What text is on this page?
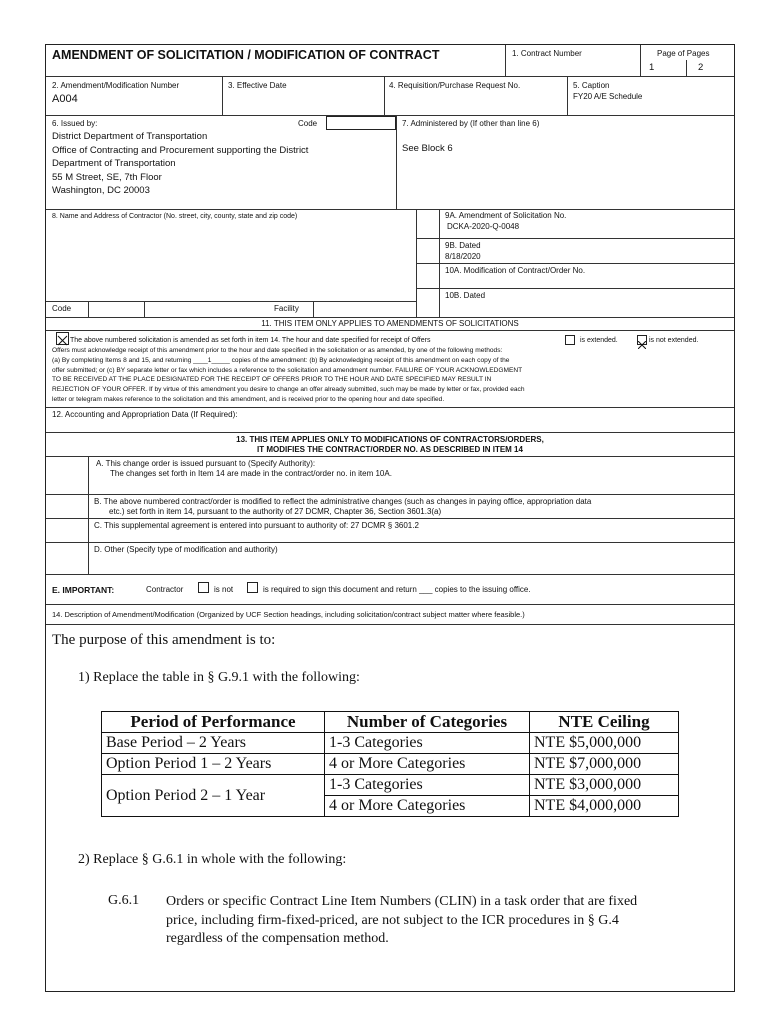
AMENDMENT OF SOLICITATION / MODIFICATION OF CONTRACT	1. Contract Number	Page of Pages
1	2
2. Amendment/Modification Number
A004
3. Effective Date	4. Requisition/Purchase Request No.	5. Caption
FY20 A/E Schedule
6. Issued by:	Code
District Department of Transportation
Office of Contracting and Procurement supporting the District
Department of Transportation
55 M Street, SE, 7th Floor
Washington, DC 20003
7. Administered by (If other than line 6)
See Block 6
8. Name and Address of Contractor (No. street, city, county, state and zip code)	9A. Amendment of Solicitation No.
DCKA-2020-Q-0048
9B. Dated
8/18/2020
10A. Modification of Contract/Order No.
10B. Dated
Code	Facility
11. THIS ITEM ONLY APPLIES TO AMENDMENTS OF SOLICITATIONS
The above numbered solicitation is amended as set forth in item 14. The hour and date specified for receipt of Offers	is extended.	is not extended.
Offers must acknowledge receipt of this amendment prior to the hour and date specified in the solicitation or as amended, by one of the following methods:
(a) By completing Items 8 and 15, and returning ____1_____ copies of the amendment: (b) By acknowledging receipt of this amendment on each copy of the
offer submitted; or (c) BY separate letter or fax which includes a reference to the solicitation and amendment number. FAILURE OF YOUR ACKNOWLEDGMENT
TO BE RECEIVED AT THE PLACE DESIGNATED FOR THE RECEIPT OF OFFERS PRIOR TO THE HOUR AND DATE SPECIFIED MAY RESULT IN
REJECTION OF YOUR OFFER. If by virtue of this amendment you desire to change an offer already submitted, such may be made by letter or fax, provided each
letter or telegram makes reference to the solicitation and this amendment, and is received prior to the opening hour and date specified.
12. Accounting and Appropriation Data (If Required):
13. THIS ITEM APPLIES ONLY TO MODIFICATIONS OF CONTRACTORS/ORDERS,
IT MODIFIES THE CONTRACT/ORDER NO. AS DESCRIBED IN ITEM 14
A. This change order is issued pursuant to (Specify Authority):
The changes set forth in Item 14 are made in the contract/order no. in item 10A.
B. The above numbered contract/order is modified to reflect the administrative changes (such as changes in paying office, appropriation data
etc.) set forth in item 14, pursuant to the authority of 27 DCMR, Chapter 36, Section 3601.3(a)
C. This supplemental agreement is entered into pursuant to authority of: 27 DCMR § 3601.2
D. Other (Specify type of modification and authority)
E. IMPORTANT:	Contractor	is not	is required to sign this document and return ___ copies to the issuing office.
14. Description of Amendment/Modification (Organized by UCF Section headings, including solicitation/contract subject matter where feasible.)
The purpose of this amendment is to:
1) Replace the table in § G.9.1 with the following:
Period of Performance	Number of Categories	NTE Ceiling
Base Period – 2 Years	1-3 Categories	NTE $5,000,000
Option Period 1 – 2 Years	4 or More Categories	NTE $7,000,000
Option Period 2 – 1 Year	1-3 Categories	NTE $3,000,000
	4 or More Categories	NTE $4,000,000
2) Replace § G.6.1 in whole with the following:
G.6.1 Orders or specific Contract Line Item Numbers (CLIN) in a task order that are fixed
price, including firm-fixed-priced, are not subject to the ICR procedures in § G.4
regardless of the compensation method.
